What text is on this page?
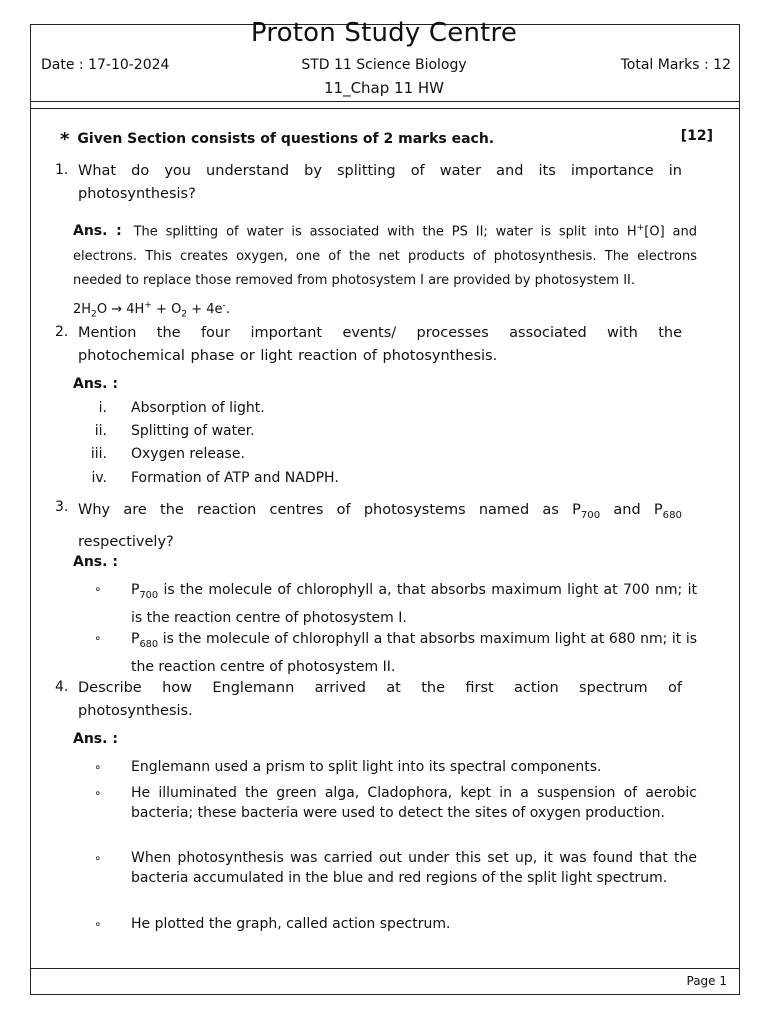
Proton Study Centre
Date : 17-10-2024	STD 11 Science Biology	Total Marks : 12
11_Chap 11 HW
* Given Section consists of questions of 2 marks each.	[12]
1. What do you understand by splitting of water and its importance in
photosynthesis?
Ans. : The splitting of water is associated with the PS II; water is split into H+[O] and electrons. This creates oxygen, one of the net products of photosynthesis. The electrons needed to replace those removed from photosystem I are provided by photosystem II.
$2H_2O \to 4H^+ + O_2 + 4e^-$.
2. Mention the four important events/ processes associated with the
photochemical phase or light reaction of photosynthesis.
Ans. :
i. Absorption of light.
ii. Splitting of water.
iii. Oxygen release.
iv. Formation of ATP and NADPH.
3. Why are the reaction centres of photosystems named as $P_{700}$ and $P_{680}$
respectively?
Ans. :
∘ $P_{700}$ is the molecule of chlorophyll a, that absorbs maximum light at 700 nm; it is the reaction centre of photosystem I.
∘ $P_{680}$ is the molecule of chlorophyll a that absorbs maximum light at 680 nm; it is the reaction centre of photosystem II.
4. Describe how Englemann arrived at the first action spectrum of
photosynthesis.
Ans. :
∘ Englemann used a prism to split light into its spectral components.
∘ He illuminated the green alga, Cladophora, kept in a suspension of aerobic bacteria; these bacteria were used to detect the sites of oxygen production.
∘ When photosynthesis was carried out under this set up, it was found that the bacteria accumulated in the blue and red regions of the split light spectrum.
∘ He plotted the graph, called action spectrum.
Page 1
